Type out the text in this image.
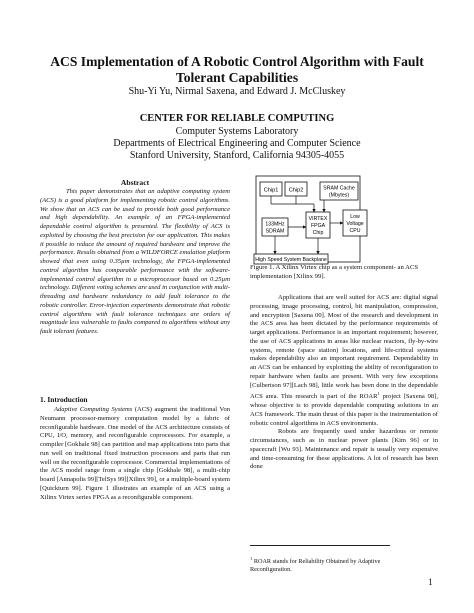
ACS Implementation of A Robotic Control Algorithm with Fault Tolerant Capabilities
Shu-Yi Yu, Nirmal Saxena, and Edward J. McCluskey
CENTER FOR RELIABLE COMPUTING
Computer Systems Laboratory
Departments of Electrical Engineering and Computer Science
Stanford University, Stanford, California 94305-4055
Abstract
This paper demonstrates that an adaptive computing system (ACS) is a good platform for implementing robotic control algorithms. We show that an ACS can be used to provide both good performance and high dependability. An example of an FPGA-implemented dependable control algorithm is presented. The flexibility of ACS is exploited by choosing the best precision for our application. This makes it possible to reduce the amount of required hardware and improve the performance. Results obtained from a WILDFORCE emulation platform showed that even using 0.35µm technology, the FPGA-implemented control algorithm has comparable performance with the software-implemented control algorithm in a microprocessor based on 0.25µm technology. Different voting schemes are used in conjunction with multi-threading and hardware redundancy to add fault tolerance to the robotic controller. Error-injection experiments demonstrate that robotic control algorithms with fault tolerance techniques are orders of magnitude less vulnerable to faults compared to algorithms without any fault tolerant features.
1. Introduction
Adaptive Computing Systems (ACS) augment the traditional Von Neumann processor-memory computation model by a fabric of reconfigurable hardware. One model of the ACS architecture consists of CPU, I/O, memory, and reconfigurable coprocessors. For example, a compiler [Gokhale 98] can partition and map applications into parts that run well on traditional fixed instruction processors and parts that run well on the reconfigurable coprocessor. Commercial implementations of the ACS model range from a single chip [Gokhale 98], a multi-chip board [Annapolis 99][TelSys 99][Xilinx 99], or a multiple-board system [Quickturn 99]. Figure 1 illustrates an example of an ACS using a Xilinx Virtex series FPGA as a reconfigurable component.
Chip1 Chip2	SRAM Cache
(Mbytes)
133MHz
SDRAM
VIRTEX
FPGA
Chip
Low
Voltage
CPU
High Speed System Backplane
Figure 1. A Xilinx Virtex chip as a system component- an ACS implementation [Xilinx 99].

Applications that are well suited for ACS are: digital signal processing, image processing, control, bit manipulation, compression, and encryption [Saxena 00]. Most of the research and development in the ACS area has been dictated by the performance requirements of target applications. Performance is an important requirement; however, the use of ACS applications in areas like nuclear reactors, fly-by-wire systems, remote (space station) locations, and life-critical systems makes dependability also an important requirement. Dependability in an ACS can be enhanced by exploiting the ability of reconfiguration to repair hardware when faults are present. With very few exceptions [Culbertson 97][Lach 98], little work has been done in the dependable ACS area. This research is part of the ROAR$^1$ project [Saxena 98], whose objective is to provide dependable computing solutions in an ACS framework. The main thrust of this paper is the instrumentation of robotic control algorithms in ACS environments.

Robots are frequently used under hazardous or remote circumstances, such as in nuclear power plants [Kim 96] or in spacecraft [Wu 93]. Maintenance and repair is usually very expensive and time-consuming for these applications. A lot of research has been done

$^1$ ROAR stands for Reliability Obtained by Adaptive Reconfiguration.
1
